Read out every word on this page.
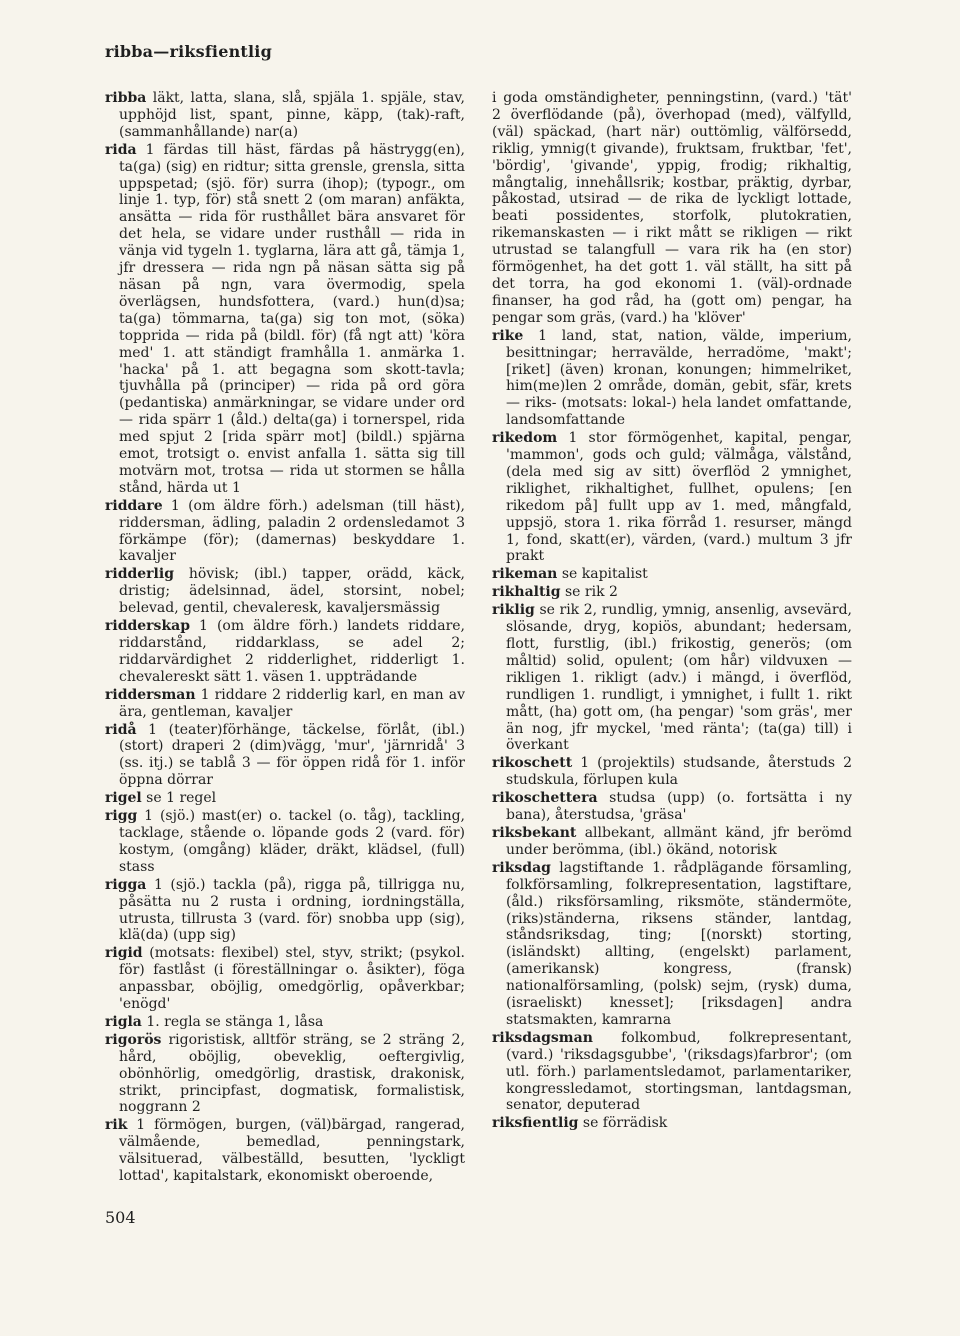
ribba—riksfientlig

ribba läkt, latta, slana, slå, spjäla 1. spjäle, stav, upphöjd list, spant, pinne, käpp, (tak)-raft, (sammanhållande) nar(a)

rida 1 färdas till häst, färdas på hästrygg(en), ta(ga) (sig) en ridtur; sitta grensle, grensla, sitta uppspetad; (sjö. för) surra (ihop); (typogr., om linje 1. typ, för) stå snett 2 (om maran) anfäkta, ansätta — rida för rusthållet bära ansvaret för det hela, se vidare under rusthåll — rida in vänja vid tygeln 1. tyglarna, lära att gå, tämja 1, jfr dressera — rida ngn på näsan sätta sig på näsan på ngn, vara övermodig, spela överlägsen, hundsfottera, (vard.) hun(d)sa; ta(ga) tömmarna, ta(ga) sig ton mot, (söka) topprida — rida på (bildl. för) (få ngt att) 'köra med' 1. att ständigt framhålla 1. anmärka 1. 'hacka' på 1. att begagna som skott-tavla; tjuvhålla på (principer) — rida på ord göra (pedantiska) anmärkningar, se vidare under ord — rida spärr 1 (åld.) delta(ga) i tornerspel, rida med spjut 2 [rida spärr mot] (bildl.) spjärna emot, trotsigt o. envist anfalla 1. sätta sig till motvärn mot, trotsa — rida ut stormen se hålla stånd, härda ut 1

riddare 1 (om äldre förh.) adelsman (till häst), riddersman, ädling, paladin 2 ordensledamot 3 förkämpe (för); (damernas) beskyddare 1. kavaljer

ridderlig hövisk; (ibl.) tapper, orädd, käck, dristig; ädelsinnad, ädel, storsint, nobel; belevad, gentil, chevaleresk, kavaljersmässig

ridderskap 1 (om äldre förh.) landets riddare, riddarstånd, riddarklass, se adel 2; riddarvärdighet 2 ridderlighet, ridderligt 1. chevalereskt sätt 1. väsen 1. uppträdande

riddersman 1 riddare 2 ridderlig karl, en man av ära, gentleman, kavaljer

ridå 1 (teater)förhänge, täckelse, förlåt, (ibl.) (stort) draperi 2 (dim)vägg, 'mur', 'järnridå' 3 (ss. itj.) se tablå 3 — för öppen ridå för 1. inför öppna dörrar

rigel se 1 regel

rigg 1 (sjö.) mast(er) o. tackel (o. tåg), tackling, tacklage, stående o. löpande gods 2 (vard. för) kostym, (omgång) kläder, dräkt, klädsel, (full) stass

rigga 1 (sjö.) tackla (på), rigga på, tillrigga nu, påsätta nu 2 rusta i ordning, iordningställa, utrusta, tillrusta 3 (vard. för) snobba upp (sig), klä(da) (upp sig)

rigid (motsats: flexibel) stel, styv, strikt; (psykol. för) fastlåst (i föreställningar o. åsikter), föga anpassbar, oböjlig, omedgörlig, opåverkbar; 'enögd'

rigla 1. regla se stänga 1, låsa

rigorös rigoristisk, alltför sträng, se 2 sträng 2, hård, oböjlig, obeveklig, oeftergivlig, obönhörlig, omedgörlig, drastisk, drakonisk, strikt, principfast, dogmatisk, formalistisk, noggrann 2

rik 1 förmögen, burgen, (väl)bärgad, rangerad, välmående, bemedlad, penningstark, välsituerad, välbeställd, besutten, 'lyckligt lottad', kapitalstark, ekonomiskt oberoende,

i goda omständigheter, penningstinn, (vard.) 'tät' 2 överflödande (på), överhopad (med), välfylld, (väl) späckad, (hart när) outtömlig, välförsedd, riklig, ymnig(t givande), fruktsam, fruktbar, 'fet', 'bördig', 'givande', yppig, frodig; rikhaltig, mångtalig, innehållsrik; kostbar, präktig, dyrbar, påkostad, utsirad — de rika de lyckligt lottade, beati possidentes, storfolk, plutokratien, rikemanskasten — i rikt mått se rikligen — rikt utrustad se talangfull — vara rik ha (en stor) förmögenhet, ha det gott 1. väl ställt, ha sitt på det torra, ha god ekonomi 1. (väl)-ordnade finanser, ha god råd, ha (gott om) pengar, ha pengar som gräs, (vard.) ha 'klöver'

rike 1 land, stat, nation, välde, imperium, besittningar; herravälde, herradöme, 'makt'; [riket] (även) kronan, konungen; himmelriket, him(me)len 2 område, domän, gebit, sfär, krets — riks- (motsats: lokal-) hela landet omfattande, landsomfattande

rikedom 1 stor förmögenhet, kapital, pengar, 'mammon', gods och guld; välmåga, välstånd, (dela med sig av sitt) överflöd 2 ymnighet, riklighet, rikhaltighet, fullhet, opulens; [en rikedom på] fullt upp av 1. med, mångfald, uppsjö, stora 1. rika förråd 1. resurser, mängd 1, fond, skatt(er), värden, (vard.) multum 3 jfr prakt

rikeman se kapitalist

rikhaltig se rik 2

riklig se rik 2, rundlig, ymnig, ansenlig, avsevärd, slösande, dryg, kopiös, abundant; hedersam, flott, furstlig, (ibl.) frikostig, generös; (om måltid) solid, opulent; (om hår) vildvuxen — rikligen 1. rikligt (adv.) i mängd, i överflöd, rundligen 1. rundligt, i ymnighet, i fullt 1. rikt mått, (ha) gott om, (ha pengar) 'som gräs', mer än nog, jfr myckel, 'med ränta'; (ta(ga) till) i överkant

rikoschett 1 (projektils) studsande, återstuds 2 studskula, förlupen kula

rikoschettera studsa (upp) (o. fortsätta i ny bana), återstudsa, 'gräsa'

riksbekant allbekant, allmänt känd, jfr berömd under berömma, (ibl.) ökänd, notorisk

riksdag lagstiftande 1. rådplägande församling, folkförsamling, folkrepresentation, lagstiftare, (åld.) riksförsamling, riksmöte, ständermöte, (riks)ständerna, riksens ständer, lantdag, ståndsriksdag, ting; [(norskt) storting, (isländskt) allting, (engelskt) parlament, (amerikansk) kongress, (fransk) nationalförsamling, (polsk) sejm, (rysk) duma, (israeliskt) knesset]; [riksdagen] andra statsmakten, kamrarna

riksdagsman folkombud, folkrepresentant, (vard.) 'riksdagsgubbe', '(riksdags)farbror'; (om utl. förh.) parlamentsledamot, parlamentariker, kongressledamot, stortingsman, lantdagsman, senator, deputerad

riksfientlig se förrädisk

504
